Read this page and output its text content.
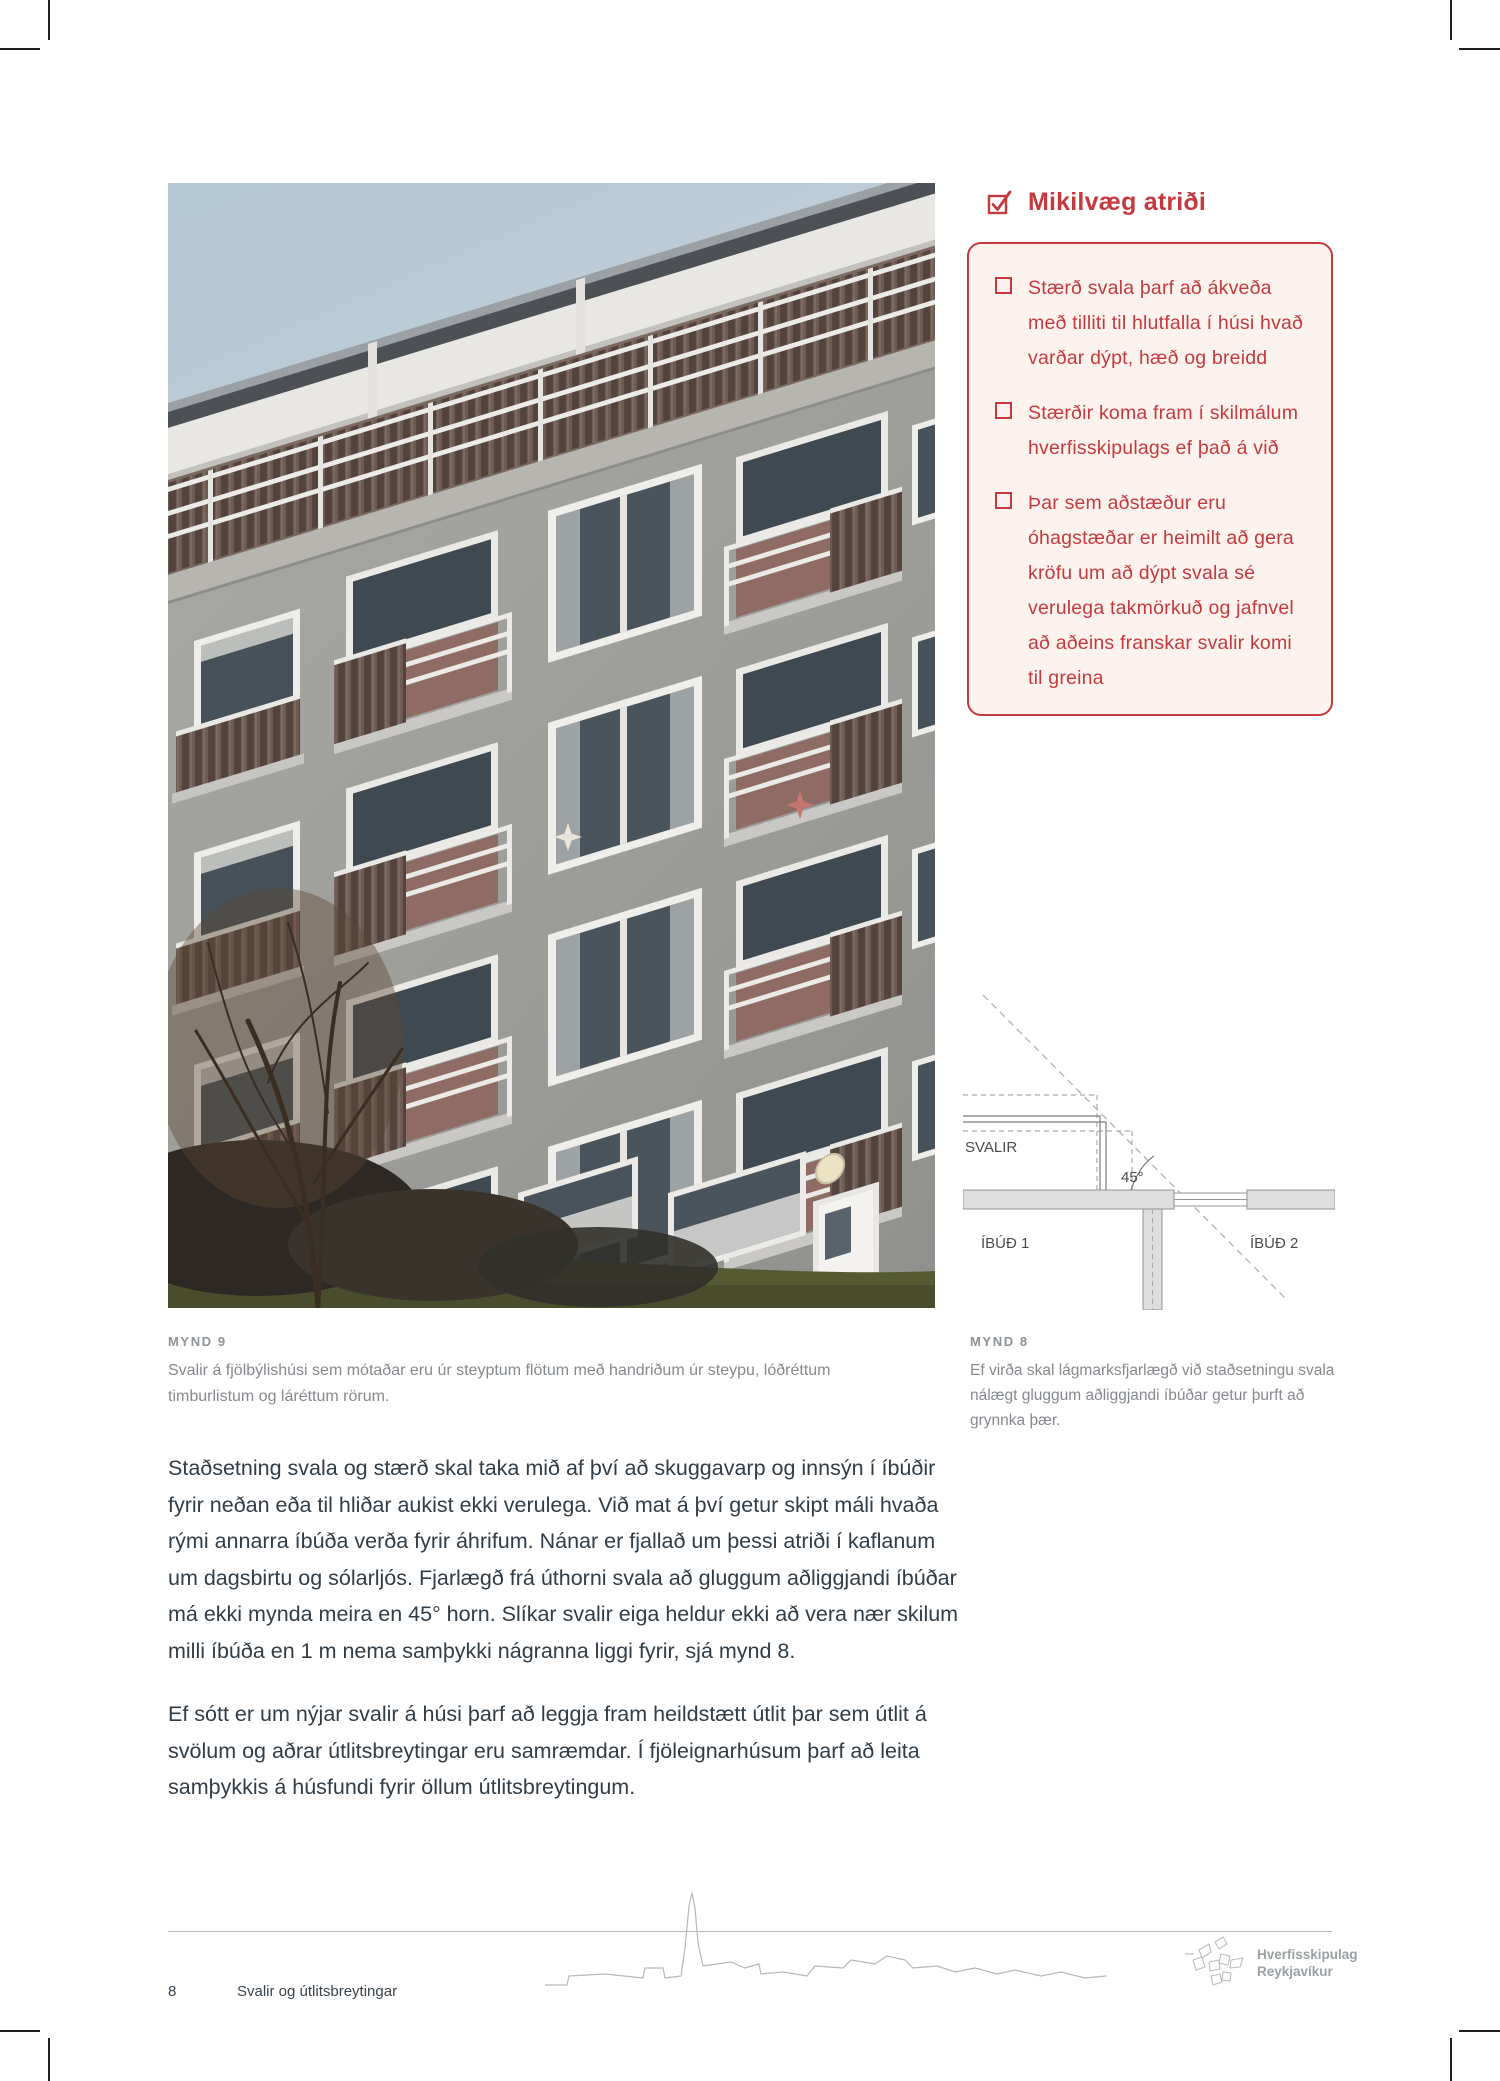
MYND 9
Svalir á fjölbýlishúsi sem mótaðar eru úr steyptum flötum með handriðum úr steypu, lóðréttum timburlistum og láréttum rörum.
Mikilvæg atriði
Stærð svala þarf að ákveða með tilliti til hlutfalla í húsi hvað varðar dýpt, hæð og breidd
Stærðir koma fram í skilmálum hverfisskipulags ef það á við
Þar sem aðstæður eru óhagstæðar er heimilt að gera kröfu um að dýpt svala sé verulega takmörkuð og jafnvel að aðeins franskar svalir komi til greina
SVALIR
45°
ÍBÚÐ 1	ÍBÚÐ 2
MYND 8
Ef virða skal lágmarksfjarlægð við staðsetningu svala nálægt gluggum aðliggjandi íbúðar getur þurft að grynnka þær.

Staðsetning svala og stærð skal taka mið af því að skuggavarp og innsýn í íbúðir fyrir neðan eða til hliðar aukist ekki verulega. Við mat á því getur skipt máli hvaða rými annarra íbúða verða fyrir áhrifum. Nánar er fjallað um þessi atriði í kaflanum um dagsbirtu og sólarljós. Fjarlægð frá úthorni svala að gluggum aðliggjandi íbúðar má ekki mynda meira en 45° horn. Slíkar svalir eiga heldur ekki að vera nær skilum milli íbúða en 1 m nema samþykki nágranna liggi fyrir, sjá mynd 8.

Ef sótt er um nýjar svalir á húsi þarf að leggja fram heildstætt útlit þar sem útlit á svölum og aðrar útlitsbreytingar eru samræmdar. Í fjöleignarhúsum þarf að leita samþykkis á húsfundi fyrir öllum útlitsbreytingum.

8	Svalir og útlitsbreytingar
Hverfisskipulag
Reykjavíkur
